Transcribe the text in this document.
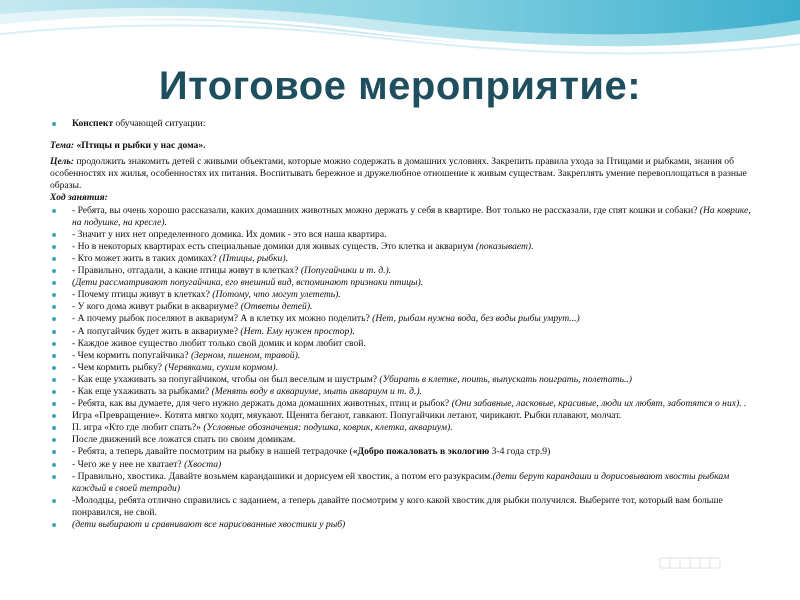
Итоговое мероприятие:
Конспект обучающей ситуации:
Тема: «Птицы и рыбки у нас дома».
Цель: продолжить знакомить детей с живыми объектами, которые можно содержать в домашних условиях. Закрепить правила ухода за Птицами и рыбками, знания об особенностях их жилья, особенностях их питания. Воспитывать бережное и дружелюбное отношение к живым существам. Закреплять умение перевоплощаться в разные образы.
Ход занятия:
- Ребята, вы очень хорошо рассказали, каких домашних животных можно держать у себя в квартире. Вот только не рассказали, где спят кошки и собаки? (На коврике, на подушке, на кресле).
- Значит у них нет определенного домика. Их домик - это вся наша квартира.
- Но в некоторых квартирах есть специальные домики для живых существ. Это клетка и аквариум (показывает).
- Кто может жить в таких домиках? (Птицы, рыбки).
- Правильно, отгадали, а какие птицы живут в клетках? (Попугайчики и т. д.).
(Дети рассматривают попугайчика, его внешний вид, вспоминают признаки птицы).
- Почему птицы живут в клетках? (Потому, что могут улететь).
- У кого дома живут рыбки в аквариуме? (Ответы детей).
- А почему рыбок поселяют в аквариум? А в клетку их можно поделить? (Нет, рыбам нужна вода, без воды рыбы умрут...)
- А попугайчик будет жить в аквариуме? (Нет. Ему нужен простор).
- Каждое живое существо любит только свой домик и корм любит свой.
- Чем кормить попугайчика? (Зерном, пшеном, травой).
- Чем кормить рыбку? (Червяками, сухим кормом).
- Как еще ухаживать за попугайчиком, чтобы он был веселым и шустрым? (Убирать в клетке, поить, выпускать поиграть, полетать..)
- Как еще ухаживать за рыбками? (Менять воду в аквариуме, мыть аквариум и т. д.).
- Ребята, как вы думаете, для чего нужно держать дома домашних животных, птиц и рыбок? (Они забавные, ласковые, красивые, люди их любят, заботятся о них). .
Игра «Превращение». Котята мягко ходят, мяукают. Щенята бегают, гавкают. Попугайчики летают, чирикают. Рыбки плавают, молчат.
П. игра «Кто где любит спать?» (Условные обозначения: подушка, коврик, клетка, аквариум).
После движений все ложатся спать по своим домикам.
- Ребята, а теперь давайте посмотрим на рыбку в нашей тетрадочке («Добро пожаловать в экологию 3-4 года стр.9)
- Чего же у нее не хватает? (Хвоста)
- Правильно, хвостика. Давайте возьмем карандашики и дорисуем ей хвостик, а потом его разукрасим.(дети берут карандаши и дорисовывают хвосты рыбкам каждый в своей тетради)
-Молодцы, ребята отлично справились с заданием, а теперь давайте посмотрим у кого какой хвостик для рыбки получился. Выберите тот, который вам больше понравился, не свой.
(дети выбирают и сравнивают все нарисованные хвостики у рыб)
